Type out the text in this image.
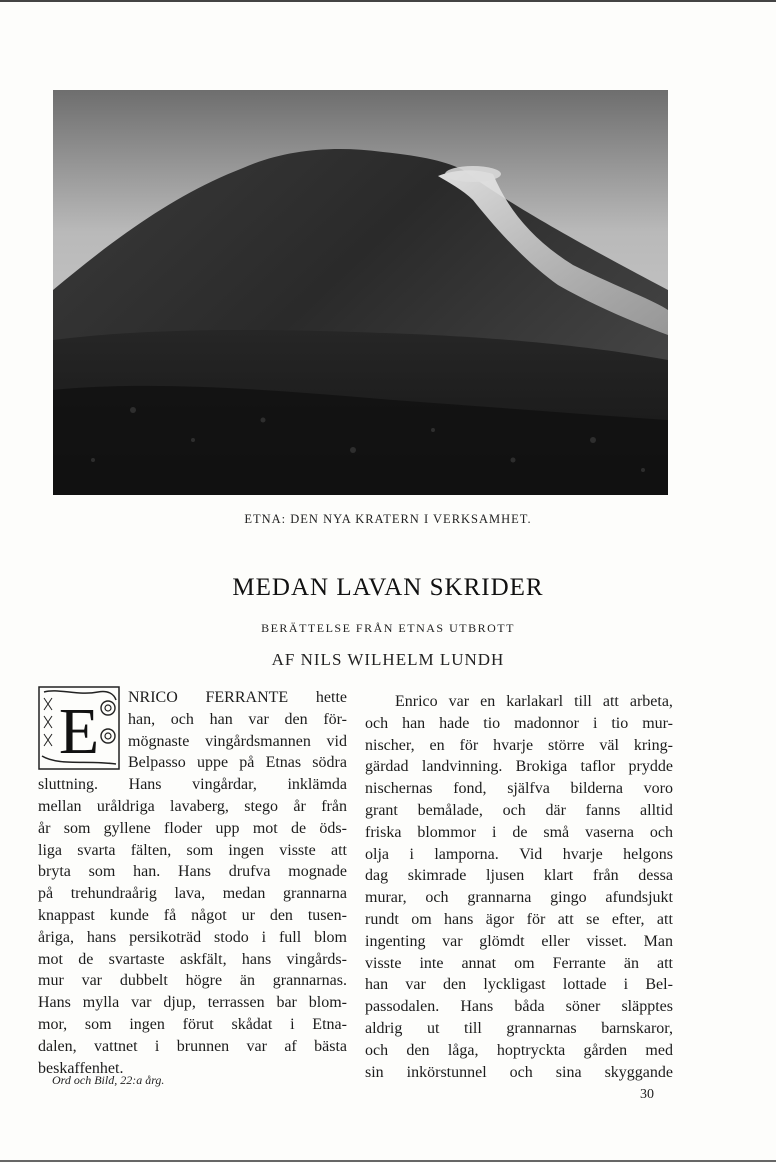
ETNA: DEN NYA KRATERN I VERKSAMHET.
MEDAN LAVAN SKRIDER
BERÄTTELSE FRÅN ETNAS UTBROTT
AF NILS WILHELM LUNDH
E NRICO FERRANTE hette
han, och han var den för-
mögnaste vingårdsmannen vid
Belpasso uppe på Etnas södra
sluttning. Hans vingårdar, inklämda
mellan uråldriga lavaberg, stego år från
år som gyllene floder upp mot de öds-
liga svarta fälten, som ingen visste att
bryta som han. Hans drufva mognade
på trehundraårig lava, medan grannarna
knappast kunde få något ur den tusen-
åriga, hans persikoträd stodo i full blom
mot de svartaste askfält, hans vingårds-
mur var dubbelt högre än grannarnas.
Hans mylla var djup, terrassen bar blom-
mor, som ingen förut skådat i Etna-
dalen, vattnet i brunnen var af bästa
beskaffenhet.
Enrico var en karlakarl till att arbeta,
och han hade tio madonnor i tio mur-
nischer, en för hvarje större väl kring-
gärdad landvinning. Brokiga taflor prydde
nischernas fond, själfva bilderna voro
grant bemålade, och där fanns alltid
friska blommor i de små vaserna och
olja i lamporna. Vid hvarje helgons
dag skimrade ljusen klart från dessa
murar, och grannarna gingo afundsjukt
rundt om hans ägor för att se efter, att
ingenting var glömdt eller visset. Man
visste inte annat om Ferrante än att
han var den lyckligast lottade i Bel-
passodalen. Hans båda söner släpptes
aldrig ut till grannarnas barnskaror,
och den låga, hoptryckta gården med
sin inkörstunnel och sina skyggande
Ord och Bild, 22:a årg.
30
